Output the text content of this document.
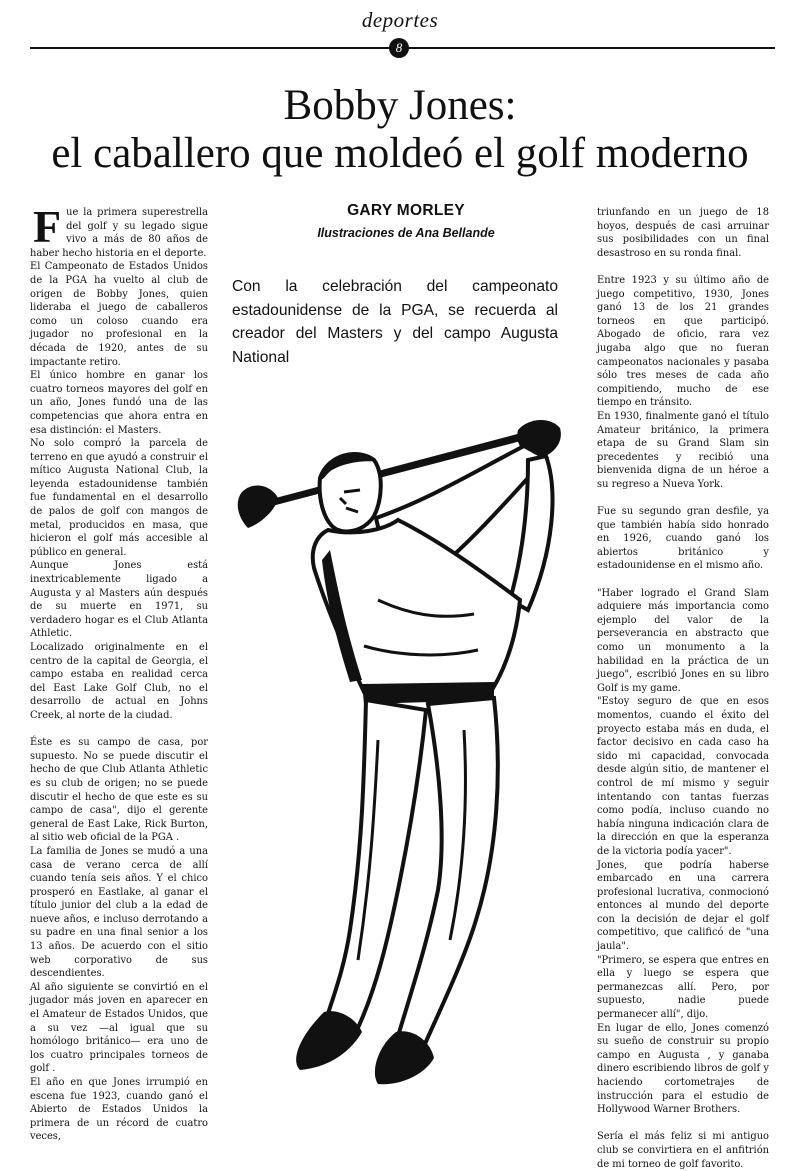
deportes
8
Bobby Jones:
el caballero que moldeó el golf moderno
GARY MORLEY
Ilustraciones de Ana Bellande

Con la celebración del campeonato estadounidense de la PGA, se recuerda al creador del Masters y del campo Augusta National

Fue la primera superestrella del golf y su legado sigue vivo a más de 80 años de haber hecho historia en el deporte.

El Campeonato de Estados Unidos de la PGA ha vuelto al club de origen de Bobby Jones, quien lideraba el juego de caballeros como un coloso cuando era jugador no profesional en la década de 1920, antes de su impactante retiro.

El único hombre en ganar los cuatro torneos mayores del golf en un año, Jones fundó una de las competencias que ahora entra en esa distinción: el Masters.

No solo compró la parcela de terreno en que ayudó a construir el mítico Augusta National Club, la leyenda estadounidense también fue fundamental en el desarrollo de palos de golf con mangos de metal, producidos en masa, que hicieron el golf más accesible al público en general.

Aunque Jones está inextricablemente ligado a Augusta y al Masters aún después de su muerte en 1971, su verdadero hogar es el Club Atlanta Athletic.

Localizado originalmente en el centro de la capital de Georgia, el campo estaba en realidad cerca del East Lake Golf Club, no el desarrollo de actual en Johns Creek, al norte de la ciudad.

Éste es su campo de casa, por supuesto. No se puede discutir el hecho de que Club Atlanta Athletic es su club de origen; no se puede discutir el hecho de que este es su campo de casa", dijo el gerente general de East Lake, Rick Burton, al sitio web oficial de la PGA .

La familia de Jones se mudó a una casa de verano cerca de allí cuando tenía seis años. Y el chico prosperó en Eastlake, al ganar el título junior del club a la edad de nueve años, e incluso derrotando a su padre en una final senior a los 13 años. De acuerdo con el sitio web corporativo de sus descendientes.

Al año siguiente se convirtió en el jugador más joven en aparecer en el Amateur de Estados Unidos, que a su vez —al igual que su homólogo británico— era uno de los cuatro principales torneos de golf .

El año en que Jones irrumpió en escena fue 1923, cuando ganó el Abierto de Estados Unidos la primera de un récord de cuatro veces,

triunfando en un juego de 18 hoyos, después de casi arruinar sus posibilidades con un final desastroso en su ronda final.

Entre 1923 y su último año de juego competitivo, 1930, Jones ganó 13 de los 21 grandes torneos en que participó. Abogado de oficio, rara vez jugaba algo que no fueran campeonatos nacionales y pasaba sólo tres meses de cada año compitiendo, mucho de ese tiempo en tránsito.

En 1930, finalmente ganó el título Amateur británico, la primera etapa de su Grand Slam sin precedentes y recibió una bienvenida digna de un héroe a su regreso a Nueva York.

Fue su segundo gran desfile, ya que también había sido honrado en 1926, cuando ganó los abiertos británico y estadounidense en el mismo año.

"Haber logrado el Grand Slam adquiere más importancia como ejemplo del valor de la perseverancia en abstracto que como un monumento a la habilidad en la práctica de un juego", escribió Jones en su libro Golf is my game.

"Estoy seguro de que en esos momentos, cuando el éxito del proyecto estaba más en duda, el factor decisivo en cada caso ha sido mi capacidad, convocada desde algún sitio, de mantener el control de mí mismo y seguir intentando con tantas fuerzas como podía, incluso cuando no había ninguna indicación clara de la dirección en que la esperanza de la victoria podía yacer".

Jones, que podría haberse embarcado en una carrera profesional lucrativa, conmocionó entonces al mundo del deporte con la decisión de dejar el golf competitivo, que calificó de "una jaula".

"Primero, se espera que entres en ella y luego se espera que permanezcas allí. Pero, por supuesto, nadie puede permanecer allí", dijo.

En lugar de ello, Jones comenzó su sueño de construir su propio campo en Augusta , y ganaba dinero escribiendo libros de golf y haciendo cortometrajes de instrucción para el estudio de Hollywood Warner Brothers.

Sería el más feliz si mi antiguo club se convirtiera en el anfitrión de mi torneo de golf favorito.
